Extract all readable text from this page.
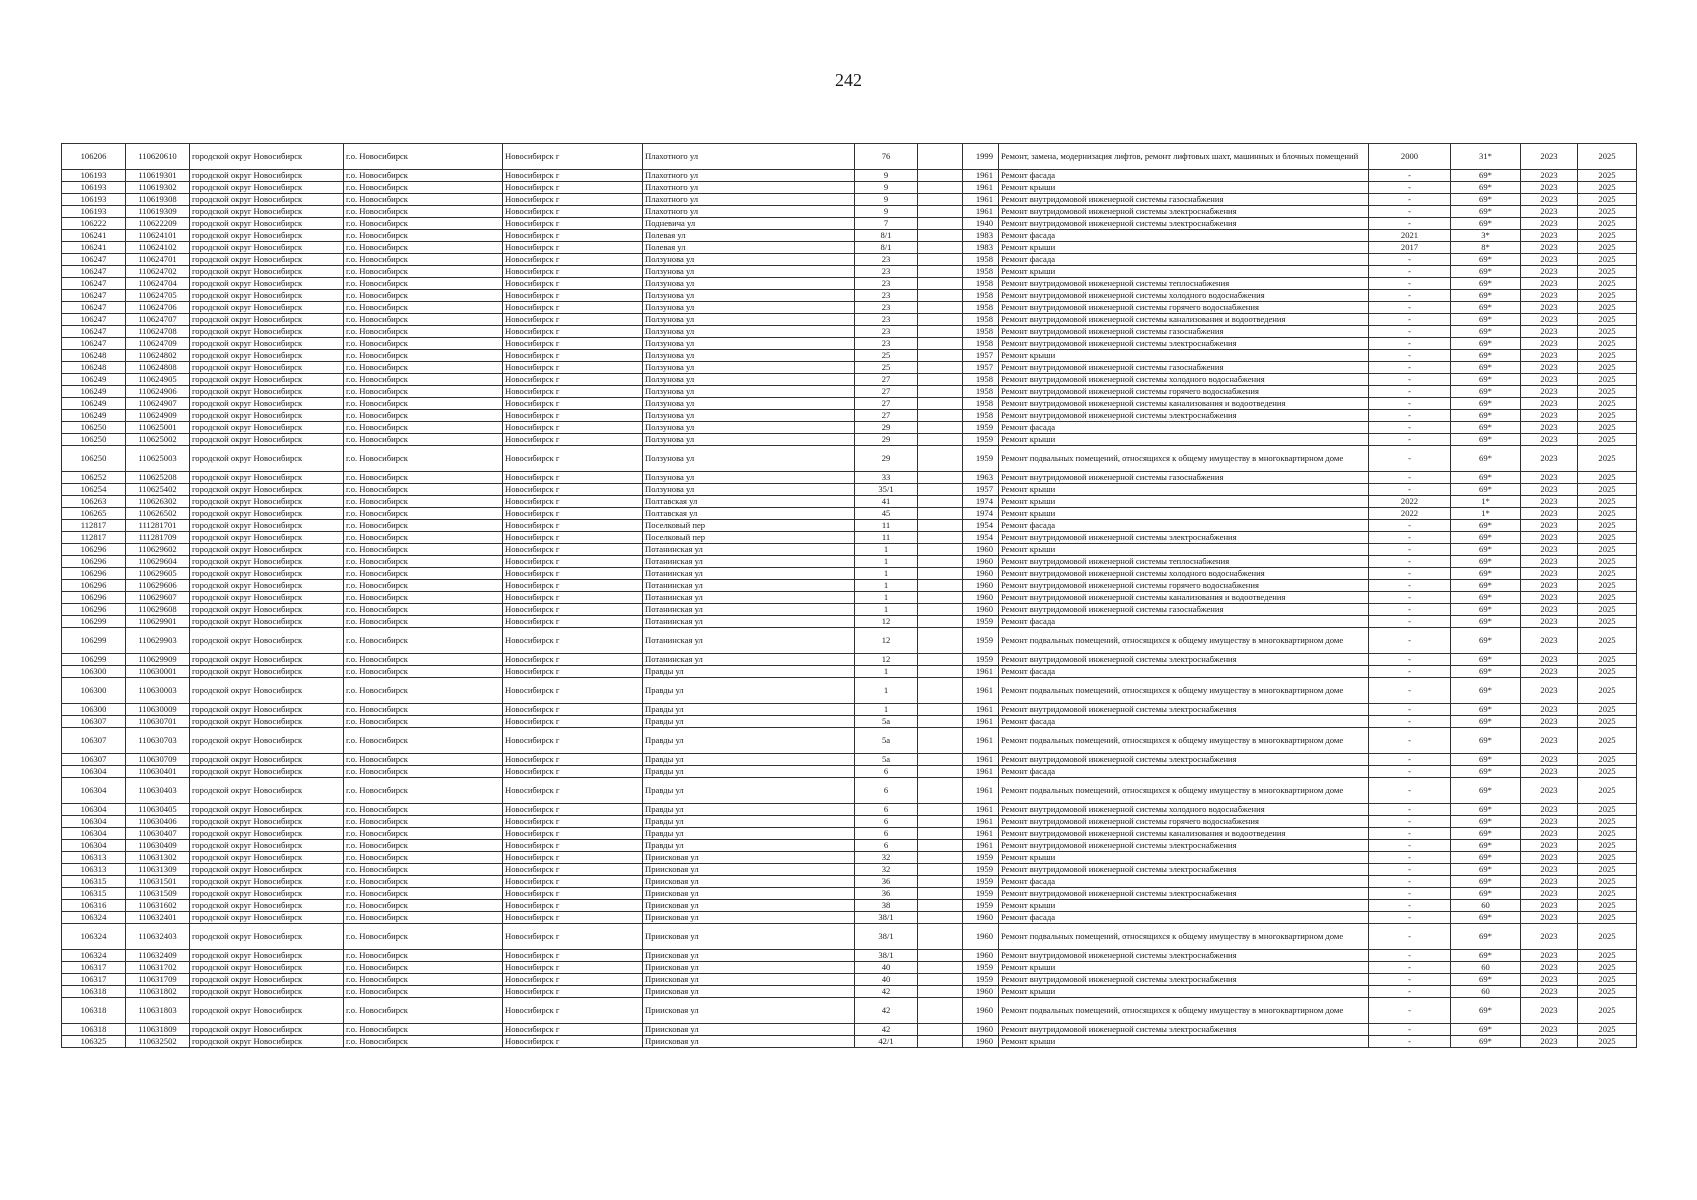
242
106206	110620610	городской округ Новосибирск	г.о. Новосибирск	Новосибирск г	Плахотного ул	76		1999	Ремонт, замена, модернизация лифтов, ремонт лифтовых шахт, машинных и блочных помещений	2000	31*	2023	2025
106193	110619301	городской округ Новосибирск	г.о. Новосибирск	Новосибирск г	Плахотного ул	9		1961	Ремонт фасада	-	69*	2023	2025
106193	110619302	городской округ Новосибирск	г.о. Новосибирск	Новосибирск г	Плахотного ул	9		1961	Ремонт крыши	-	69*	2023	2025
106193	110619308	городской округ Новосибирск	г.о. Новосибирск	Новосибирск г	Плахотного ул	9		1961	Ремонт внутридомовой инженерной системы газоснабжения	-	69*	2023	2025
106193	110619309	городской округ Новосибирск	г.о. Новосибирск	Новосибирск г	Плахотного ул	9		1961	Ремонт внутридомовой инженерной системы электроснабжения	-	69*	2023	2025
106222	110622209	городской округ Новосибирск	г.о. Новосибирск	Новосибирск г	Подневича ул	7		1940	Ремонт внутридомовой инженерной системы электроснабжения	-	69*	2023	2025
106241	110624101	городской округ Новосибирск	г.о. Новосибирск	Новосибирск г	Полевая ул	8/1		1983	Ремонт фасада	2021	3*	2023	2025
106241	110624102	городской округ Новосибирск	г.о. Новосибирск	Новосибирск г	Полевая ул	8/1		1983	Ремонт крыши	2017	8*	2023	2025
106247	110624701	городской округ Новосибирск	г.о. Новосибирск	Новосибирск г	Ползунова ул	23		1958	Ремонт фасада	-	69*	2023	2025
106247	110624702	городской округ Новосибирск	г.о. Новосибирск	Новосибирск г	Ползунова ул	23		1958	Ремонт крыши	-	69*	2023	2025
106247	110624704	городской округ Новосибирск	г.о. Новосибирск	Новосибирск г	Ползунова ул	23		1958	Ремонт внутридомовой инженерной системы теплоснабжения	-	69*	2023	2025
106247	110624705	городской округ Новосибирск	г.о. Новосибирск	Новосибирск г	Ползунова ул	23		1958	Ремонт внутридомовой инженерной системы холодного водоснабжения	-	69*	2023	2025
106247	110624706	городской округ Новосибирск	г.о. Новосибирск	Новосибирск г	Ползунова ул	23		1958	Ремонт внутридомовой инженерной системы горячего водоснабжения	-	69*	2023	2025
106247	110624707	городской округ Новосибирск	г.о. Новосибирск	Новосибирск г	Ползунова ул	23		1958	Ремонт внутридомовой инженерной системы канализования и водоотведения	-	69*	2023	2025
106247	110624708	городской округ Новосибирск	г.о. Новосибирск	Новосибирск г	Ползунова ул	23		1958	Ремонт внутридомовой инженерной системы газоснабжения	-	69*	2023	2025
106247	110624709	городской округ Новосибирск	г.о. Новосибирск	Новосибирск г	Ползунова ул	23		1958	Ремонт внутридомовой инженерной системы электроснабжения	-	69*	2023	2025
106248	110624802	городской округ Новосибирск	г.о. Новосибирск	Новосибирск г	Ползунова ул	25		1957	Ремонт крыши	-	69*	2023	2025
106248	110624808	городской округ Новосибирск	г.о. Новосибирск	Новосибирск г	Ползунова ул	25		1957	Ремонт внутридомовой инженерной системы газоснабжения	-	69*	2023	2025
106249	110624905	городской округ Новосибирск	г.о. Новосибирск	Новосибирск г	Ползунова ул	27		1958	Ремонт внутридомовой инженерной системы холодного водоснабжения	-	69*	2023	2025
106249	110624906	городской округ Новосибирск	г.о. Новосибирск	Новосибирск г	Ползунова ул	27		1958	Ремонт внутридомовой инженерной системы горячего водоснабжения	-	69*	2023	2025
106249	110624907	городской округ Новосибирск	г.о. Новосибирск	Новосибирск г	Ползунова ул	27		1958	Ремонт внутридомовой инженерной системы канализования и водоотведения	-	69*	2023	2025
106249	110624909	городской округ Новосибирск	г.о. Новосибирск	Новосибирск г	Ползунова ул	27		1958	Ремонт внутридомовой инженерной системы электроснабжения	-	69*	2023	2025
106250	110625001	городской округ Новосибирск	г.о. Новосибирск	Новосибирск г	Ползунова ул	29		1959	Ремонт фасада	-	69*	2023	2025
106250	110625002	городской округ Новосибирск	г.о. Новосибирск	Новосибирск г	Ползунова ул	29		1959	Ремонт крыши	-	69*	2023	2025
106250	110625003	городской округ Новосибирск	г.о. Новосибирск	Новосибирск г	Ползунова ул	29		1959	Ремонт подвальных помещений, относящихся к общему имуществу в многоквартирном доме	-	69*	2023	2025
106252	110625208	городской округ Новосибирск	г.о. Новосибирск	Новосибирск г	Ползунова ул	33		1963	Ремонт внутридомовой инженерной системы газоснабжения	-	69*	2023	2025
106254	110625402	городской округ Новосибирск	г.о. Новосибирск	Новосибирск г	Ползунова ул	35/1		1957	Ремонт крыши	-	69*	2023	2025
106263	110626302	городской округ Новосибирск	г.о. Новосибирск	Новосибирск г	Полтавская ул	41		1974	Ремонт крыши	2022	1*	2023	2025
106265	110626502	городской округ Новосибирск	г.о. Новосибирск	Новосибирск г	Полтавская ул	45		1974	Ремонт крыши	2022	1*	2023	2025
112817	111281701	городской округ Новосибирск	г.о. Новосибирск	Новосибирск г	Поселковый пер	11		1954	Ремонт фасада	-	69*	2023	2025
112817	111281709	городской округ Новосибирск	г.о. Новосибирск	Новосибирск г	Поселковый пер	11		1954	Ремонт внутридомовой инженерной системы электроснабжения	-	69*	2023	2025
106296	110629602	городской округ Новосибирск	г.о. Новосибирск	Новосибирск г	Потанинская ул	1		1960	Ремонт крыши	-	69*	2023	2025
106296	110629604	городской округ Новосибирск	г.о. Новосибирск	Новосибирск г	Потанинская ул	1		1960	Ремонт внутридомовой инженерной системы теплоснабжения	-	69*	2023	2025
106296	110629605	городской округ Новосибирск	г.о. Новосибирск	Новосибирск г	Потанинская ул	1		1960	Ремонт внутридомовой инженерной системы холодного водоснабжения	-	69*	2023	2025
106296	110629606	городской округ Новосибирск	г.о. Новосибирск	Новосибирск г	Потанинская ул	1		1960	Ремонт внутридомовой инженерной системы горячего водоснабжения	-	69*	2023	2025
106296	110629607	городской округ Новосибирск	г.о. Новосибирск	Новосибирск г	Потанинская ул	1		1960	Ремонт внутридомовой инженерной системы канализования и водоотведения	-	69*	2023	2025
106296	110629608	городской округ Новосибирск	г.о. Новосибирск	Новосибирск г	Потанинская ул	1		1960	Ремонт внутридомовой инженерной системы газоснабжения	-	69*	2023	2025
106299	110629901	городской округ Новосибирск	г.о. Новосибирск	Новосибирск г	Потанинская ул	12		1959	Ремонт фасада	-	69*	2023	2025
106299	110629903	городской округ Новосибирск	г.о. Новосибирск	Новосибирск г	Потанинская ул	12		1959	Ремонт подвальных помещений, относящихся к общему имуществу в многоквартирном доме	-	69*	2023	2025
106299	110629909	городской округ Новосибирск	г.о. Новосибирск	Новосибирск г	Потанинская ул	12		1959	Ремонт внутридомовой инженерной системы электроснабжения	-	69*	2023	2025
106300	110630001	городской округ Новосибирск	г.о. Новосибирск	Новосибирск г	Правды ул	1		1961	Ремонт фасада	-	69*	2023	2025
106300	110630003	городской округ Новосибирск	г.о. Новосибирск	Новосибирск г	Правды ул	1		1961	Ремонт подвальных помещений, относящихся к общему имуществу в многоквартирном доме	-	69*	2023	2025
106300	110630009	городской округ Новосибирск	г.о. Новосибирск	Новосибирск г	Правды ул	1		1961	Ремонт внутридомовой инженерной системы электроснабжения	-	69*	2023	2025
106307	110630701	городской округ Новосибирск	г.о. Новосибирск	Новосибирск г	Правды ул	5а		1961	Ремонт фасада	-	69*	2023	2025
106307	110630703	городской округ Новосибирск	г.о. Новосибирск	Новосибирск г	Правды ул	5а		1961	Ремонт подвальных помещений, относящихся к общему имуществу в многоквартирном доме	-	69*	2023	2025
106307	110630709	городской округ Новосибирск	г.о. Новосибирск	Новосибирск г	Правды ул	5а		1961	Ремонт внутридомовой инженерной системы электроснабжения	-	69*	2023	2025
106304	110630401	городской округ Новосибирск	г.о. Новосибирск	Новосибирск г	Правды ул	6		1961	Ремонт фасада	-	69*	2023	2025
106304	110630403	городской округ Новосибирск	г.о. Новосибирск	Новосибирск г	Правды ул	6		1961	Ремонт подвальных помещений, относящихся к общему имуществу в многоквартирном доме	-	69*	2023	2025
106304	110630405	городской округ Новосибирск	г.о. Новосибирск	Новосибирск г	Правды ул	6		1961	Ремонт внутридомовой инженерной системы холодного водоснабжения	-	69*	2023	2025
106304	110630406	городской округ Новосибирск	г.о. Новосибирск	Новосибирск г	Правды ул	6		1961	Ремонт внутридомовой инженерной системы горячего водоснабжения	-	69*	2023	2025
106304	110630407	городской округ Новосибирск	г.о. Новосибирск	Новосибирск г	Правды ул	6		1961	Ремонт внутридомовой инженерной системы канализования и водоотведения	-	69*	2023	2025
106304	110630409	городской округ Новосибирск	г.о. Новосибирск	Новосибирск г	Правды ул	6		1961	Ремонт внутридомовой инженерной системы электроснабжения	-	69*	2023	2025
106313	110631302	городской округ Новосибирск	г.о. Новосибирск	Новосибирск г	Приисковая ул	32		1959	Ремонт крыши	-	69*	2023	2025
106313	110631309	городской округ Новосибирск	г.о. Новосибирск	Новосибирск г	Приисковая ул	32		1959	Ремонт внутридомовой инженерной системы электроснабжения	-	69*	2023	2025
106315	110631501	городской округ Новосибирск	г.о. Новосибирск	Новосибирск г	Приисковая ул	36		1959	Ремонт фасада	-	69*	2023	2025
106315	110631509	городской округ Новосибирск	г.о. Новосибирск	Новосибирск г	Приисковая ул	36		1959	Ремонт внутридомовой инженерной системы электроснабжения	-	69*	2023	2025
106316	110631602	городской округ Новосибирск	г.о. Новосибирск	Новосибирск г	Приисковая ул	38		1959	Ремонт крыши	-	60	2023	2025
106324	110632401	городской округ Новосибирск	г.о. Новосибирск	Новосибирск г	Приисковая ул	38/1		1960	Ремонт фасада	-	69*	2023	2025
106324	110632403	городской округ Новосибирск	г.о. Новосибирск	Новосибирск г	Приисковая ул	38/1		1960	Ремонт подвальных помещений, относящихся к общему имуществу в многоквартирном доме	-	69*	2023	2025
106324	110632409	городской округ Новосибирск	г.о. Новосибирск	Новосибирск г	Приисковая ул	38/1		1960	Ремонт внутридомовой инженерной системы электроснабжения	-	69*	2023	2025
106317	110631702	городской округ Новосибирск	г.о. Новосибирск	Новосибирск г	Приисковая ул	40		1959	Ремонт крыши	-	60	2023	2025
106317	110631709	городской округ Новосибирск	г.о. Новосибирск	Новосибирск г	Приисковая ул	40		1959	Ремонт внутридомовой инженерной системы электроснабжения	-	69*	2023	2025
106318	110631802	городской округ Новосибирск	г.о. Новосибирск	Новосибирск г	Приисковая ул	42		1960	Ремонт крыши	-	60	2023	2025
106318	110631803	городской округ Новосибирск	г.о. Новосибирск	Новосибирск г	Приисковая ул	42		1960	Ремонт подвальных помещений, относящихся к общему имуществу в многоквартирном доме	-	69*	2023	2025
106318	110631809	городской округ Новосибирск	г.о. Новосибирск	Новосибирск г	Приисковая ул	42		1960	Ремонт внутридомовой инженерной системы электроснабжения	-	69*	2023	2025
106325	110632502	городской округ Новосибирск	г.о. Новосибирск	Новосибирск г	Приисковая ул	42/1		1960	Ремонт крыши	-	69*	2023	2025
